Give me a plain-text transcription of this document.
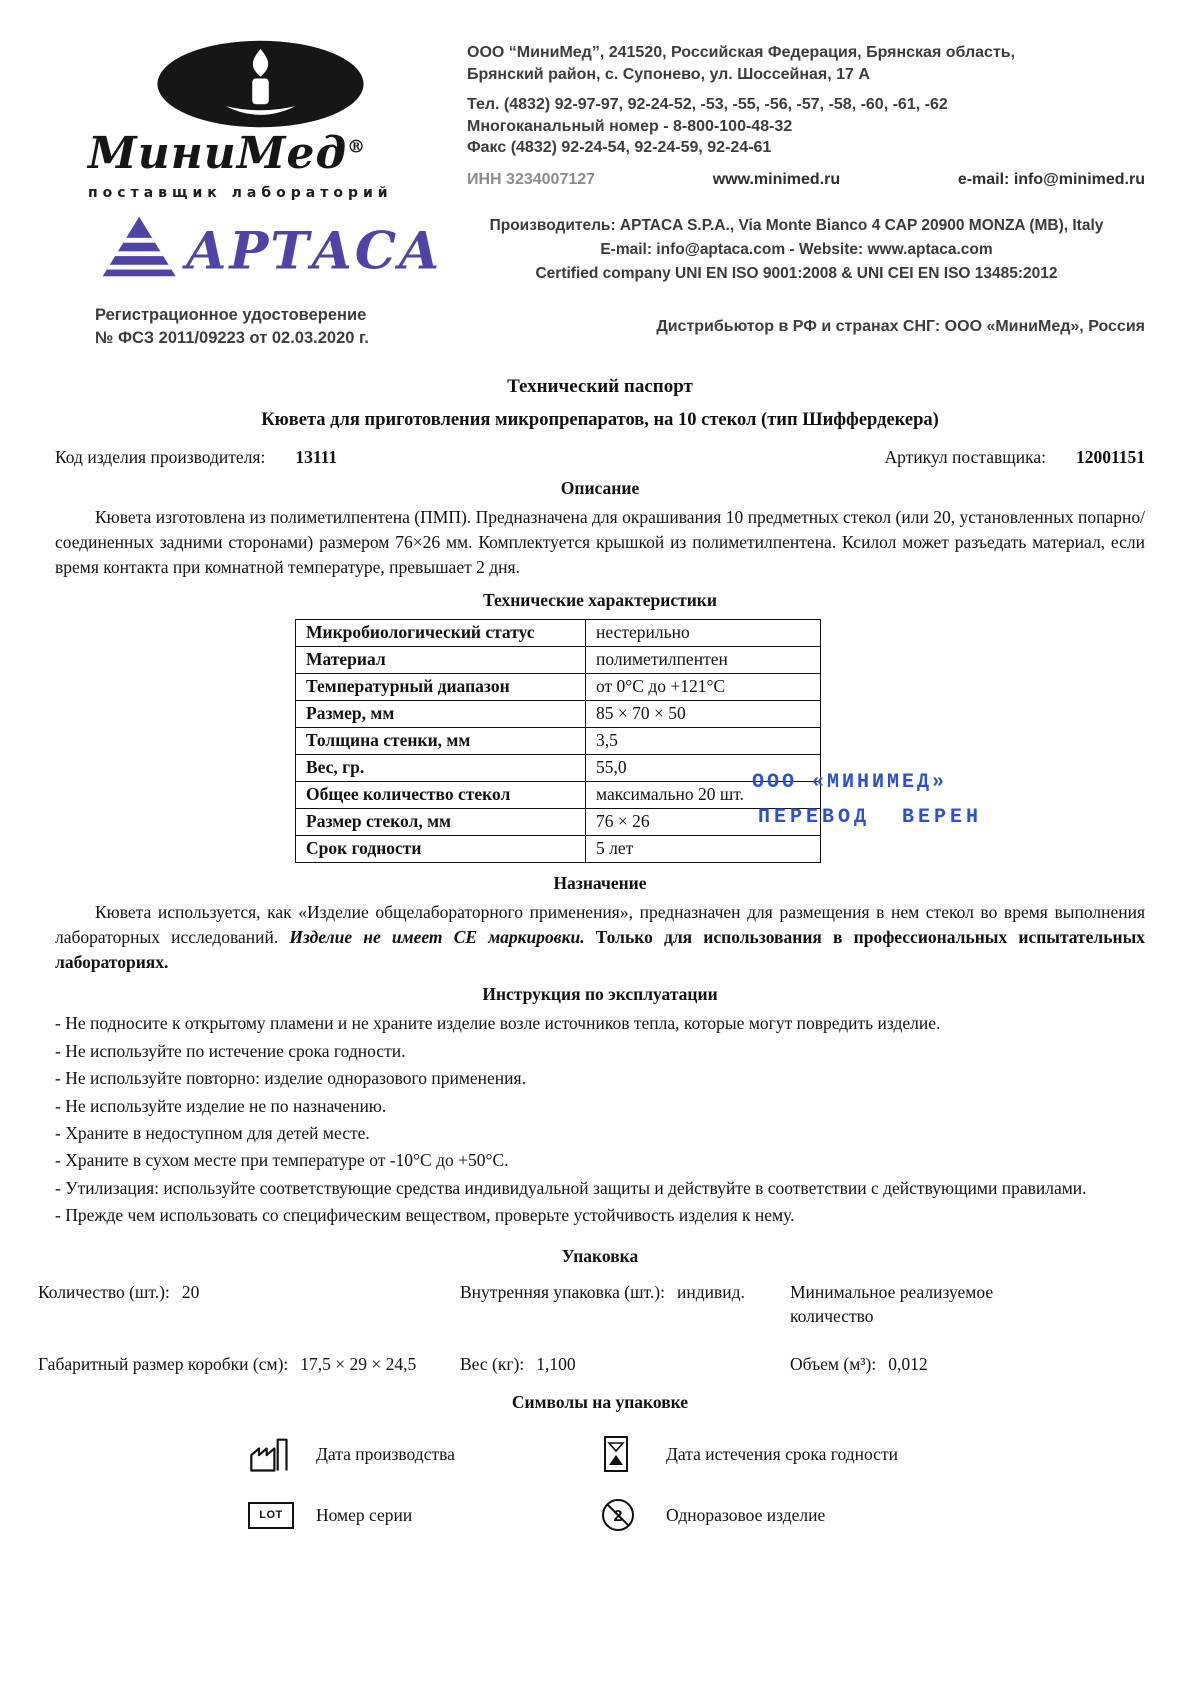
МиниМед®
поставщик лабораторий
ООО “МиниМед”, 241520, Российская Федерация, Брянская область,
Брянский район, с. Супонево, ул. Шоссейная, 17 А
Тел. (4832) 92-97-97, 92-24-52, -53, -55, -56, -57, -58, -60, -61, -62
Многоканальный номер - 8-800-100-48-32
Факс (4832) 92-24-54, 92-24-59, 92-24-61
ИНН 3234007127	www.minimed.ru	e-mail: info@minimed.ru
АРТАСА	Производитель: APTACA S.P.A., Via Monte Bianco 4 CAP 20900 MONZA (MB), Italy
E-mail: info@aptaca.com - Website: www.aptaca.com
Certified company UNI EN ISO 9001:2008 & UNI CEI EN ISO 13485:2012
Регистрационное удостоверение
№ ФСЗ 2011/09223 от 02.03.2020 г.
Дистрибьютор в РФ и странах СНГ: ООО «МиниМед», Россия
Технический паспорт
Кювета для приготовления микропрепаратов, на 10 стекол (тип Шиффердекера)
Код изделия производителя: 13111	Артикул поставщика: 12001151
Описание

Кювета изготовлена из полиметилпентена (ПМП). Предназначена для окрашивания 10 предметных стекол (или 20, установленных попарно/соединенных задними сторонами) размером 76×26 мм. Комплектуется крышкой из полиметилпентена. Ксилол может разъедать материал, если время контакта при комнатной температуре, превышает 2 дня.

Технические характеристики
Микробиологический статус	нестерильно
Материал	полиметилпентен
Температурный диапазон	от 0°С до +121°С
Размер, мм	85 × 70 × 50
Толщина стенки, мм	3,5
Вес, гр.	55,0
Общее количество стекол	максимально 20 шт.
Размер стекол, мм	76 × 26
Срок годности	5 лет
ООО «МИНИМЕД»
ПЕРЕВОД ВЕРЕН
Назначение

Кювета используется, как «Изделие общелабораторного применения», предназначен для размещения в нем стекол во время выполнения лабораторных исследований. Изделие не имеет СЕ маркировки. Только для использования в профессиональных испытательных лабораториях.

Инструкция по эксплуатации
- Не подносите к открытому пламени и не храните изделие возле источников тепла, которые могут повредить изделие.
- Не используйте по истечение срока годности.
- Не используйте повторно: изделие одноразового применения.
- Не используйте изделие не по назначению.
- Храните в недоступном для детей месте.
- Храните в сухом месте при температуре от -10°С до +50°С.
- Утилизация: используйте соответствующие средства индивидуальной защиты и действуйте в соответствии с действующими правилами.
- Прежде чем использовать со специфическим веществом, проверьте устойчивость изделия к нему.
Упаковка
Количество (шт.): 20	Внутренняя упаковка (шт.): индивид.	Минимальное реализуемое количество
Габаритный размер коробки (см): 17,5 × 29 × 24,5	Вес (кг): 1,100	Объем (м³): 0,012
Символы на упаковке
Дата производства	Дата истечения срока годности
LOT	Номер серии	2 Одноразовое изделие
